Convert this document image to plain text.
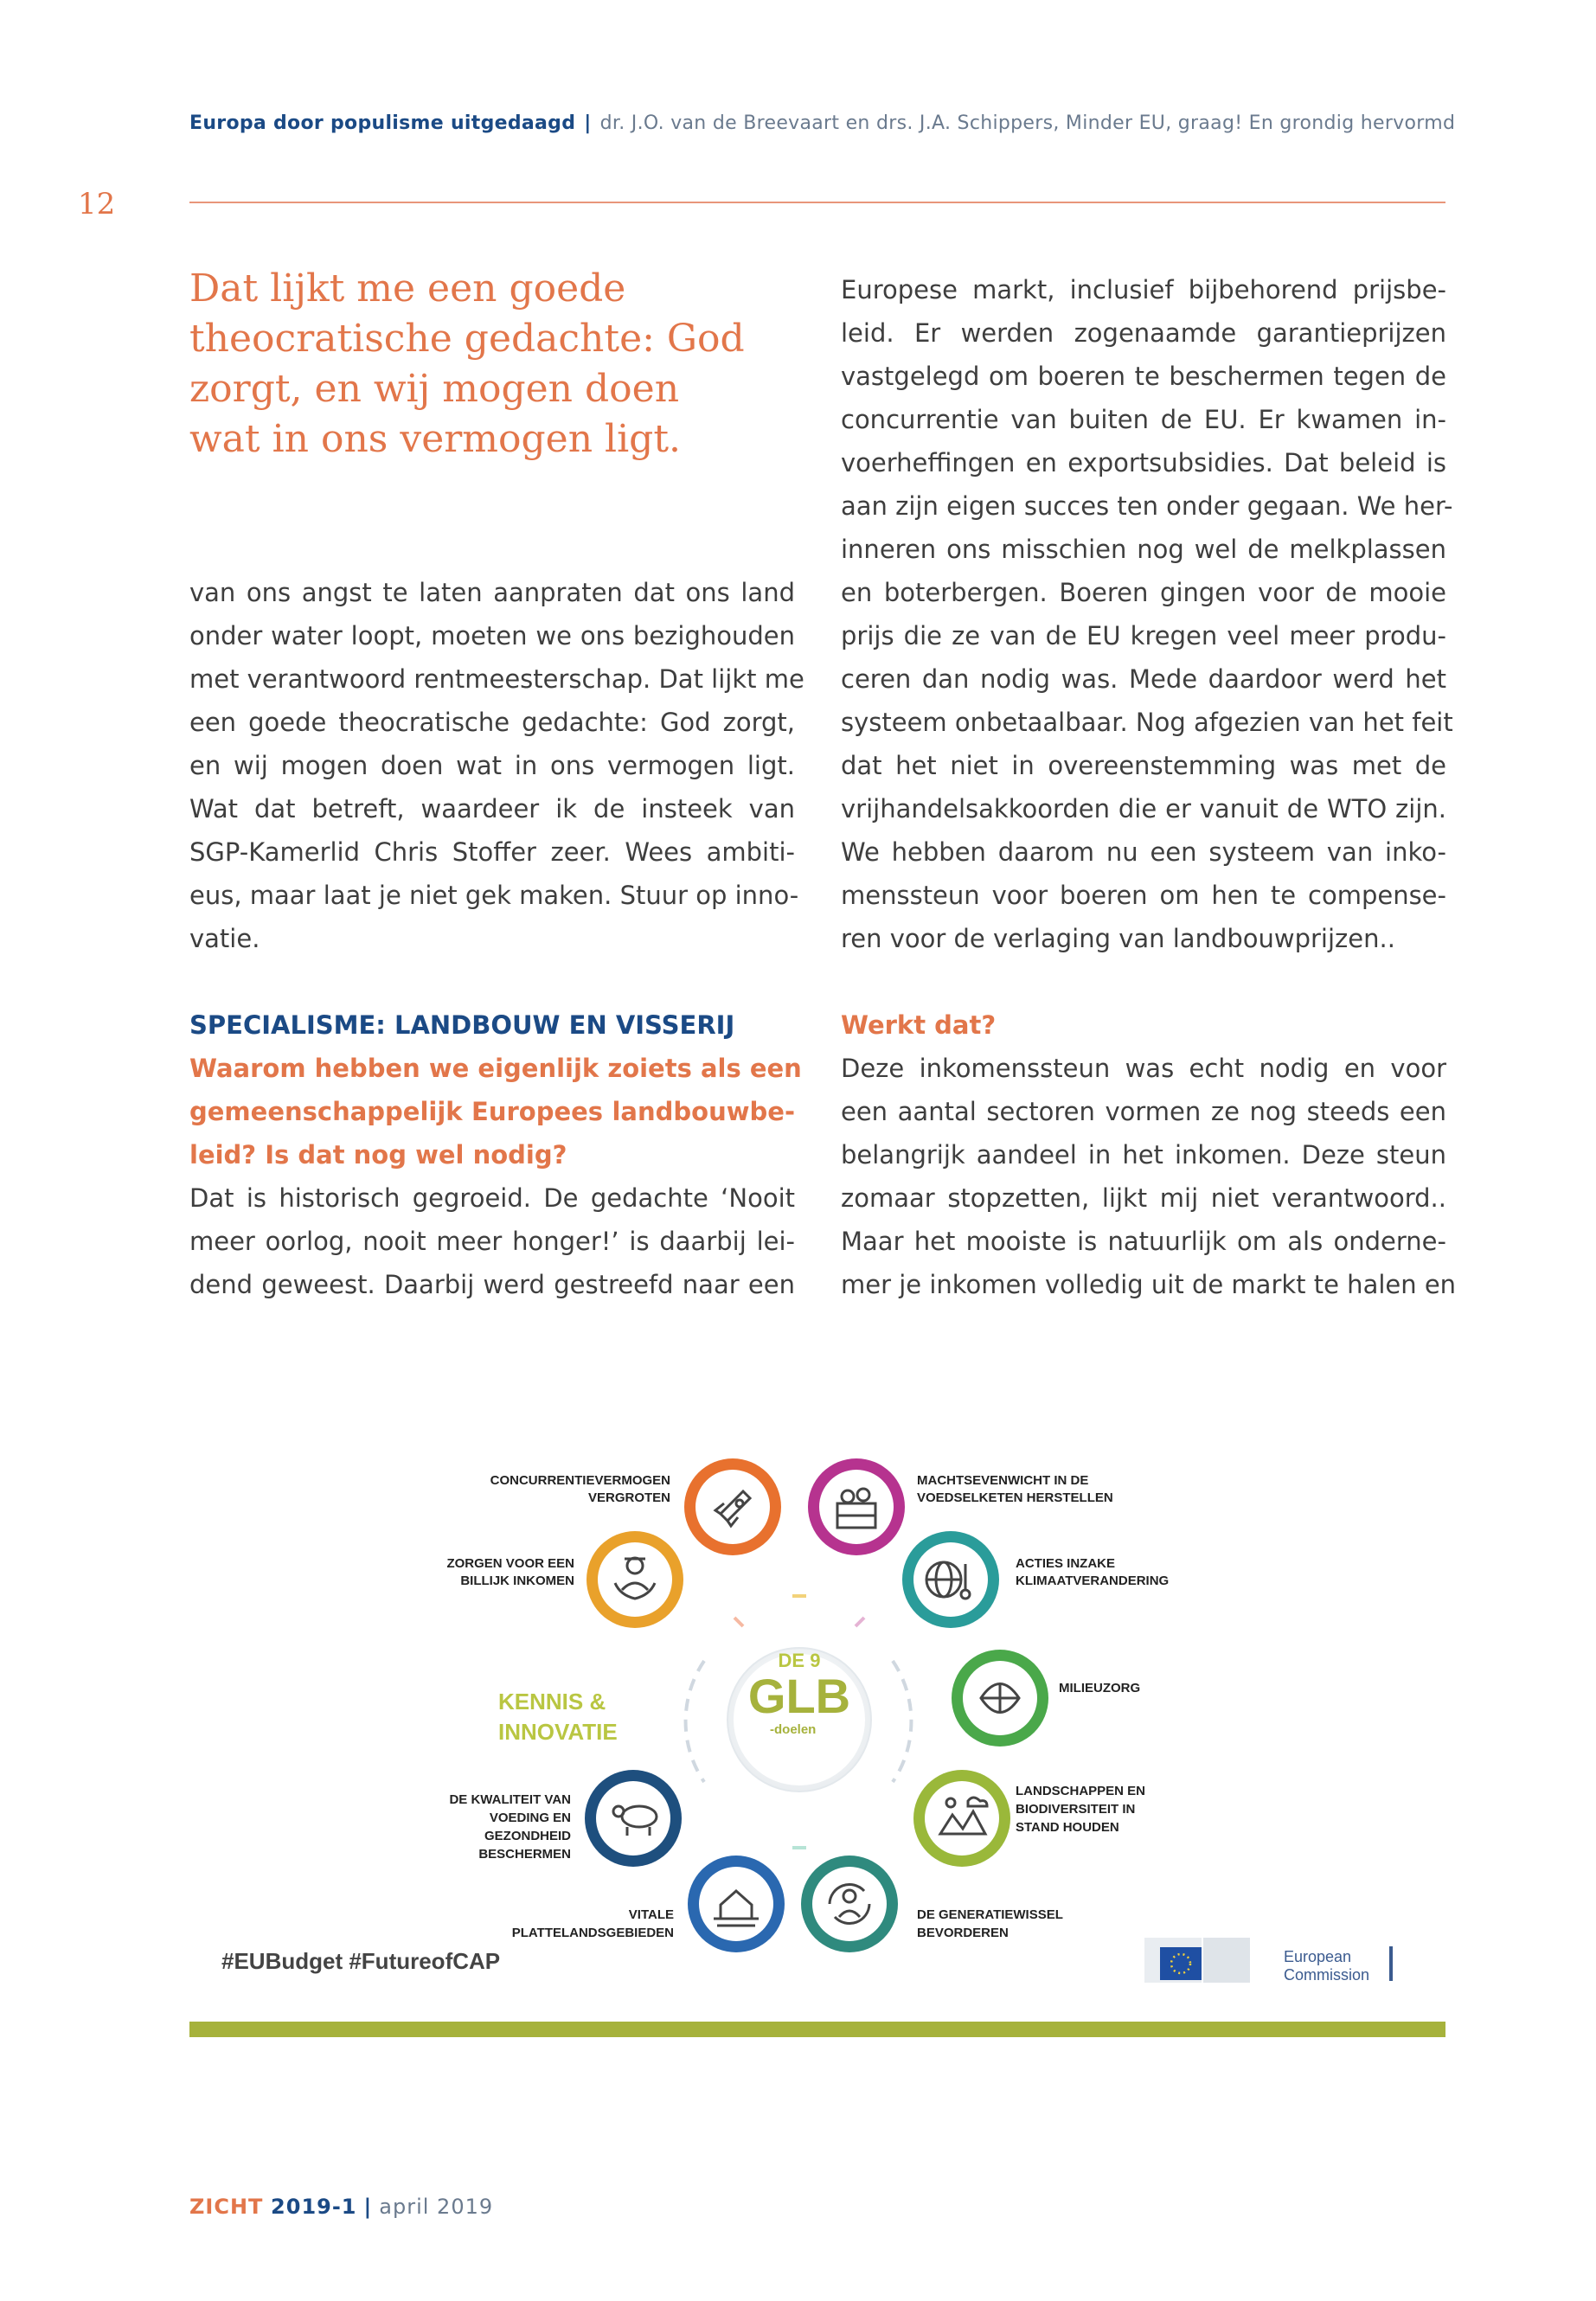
Europa door populisme uitgedaagd | dr. J.O. van de Breevaart en drs. J.A. Schippers, Minder EU, graag! En grondig hervormd
12
Dat lijkt me een goede
theocratische gedachte: God
zorgt, en wij mogen doen
wat in ons vermogen ligt.
van ons angst te laten aanpraten dat ons land
onder water loopt, moeten we ons bezighouden
met verantwoord rentmeesterschap. Dat lijkt me
een goede theocratische gedachte: God zorgt,
en wij mogen doen wat in ons vermogen ligt.
Wat dat betreft, waardeer ik de insteek van
SGP-Kamerlid Chris Stoffer zeer. Wees ambiti-
eus, maar laat je niet gek maken. Stuur op inno-
vatie.
SPECIALISME: LANDBOUW EN VISSERIJ
Waarom hebben we eigenlijk zoiets als een
gemeenschappelijk Europees landbouwbe-
leid? Is dat nog wel nodig?
Dat is historisch gegroeid. De gedachte ‘Nooit
meer oorlog, nooit meer honger!’ is daarbij lei-
dend geweest. Daarbij werd gestreefd naar een
Europese markt, inclusief bijbehorend prijsbe-
leid. Er werden zogenaamde garantieprijzen
vastgelegd om boeren te beschermen tegen de
concurrentie van buiten de EU. Er kwamen in-
voerheffingen en exportsubsidies. Dat beleid is
aan zijn eigen succes ten onder gegaan. We her-
inneren ons misschien nog wel de melkplassen
en boterbergen. Boeren gingen voor de mooie
prijs die ze van de EU kregen veel meer produ-
ceren dan nodig was. Mede daardoor werd het
systeem onbetaalbaar. Nog afgezien van het feit
dat het niet in overeenstemming was met de
vrijhandelsakkoorden die er vanuit de WTO zijn.
We hebben daarom nu een systeem van inko-
menssteun voor boeren om hen te compense-
ren voor de verlaging van landbouwprijzen..
Werkt dat?
Deze inkomenssteun was echt nodig en voor
een aantal sectoren vormen ze nog steeds een
belangrijk aandeel in het inkomen. Deze steun
zomaar stopzetten, lijkt mij niet verantwoord..
Maar het mooiste is natuurlijk om als onderne-
mer je inkomen volledig uit de markt te halen en
DE 9
GLB
-doelen
KENNIS &
INNOVATIE
CONCURRENTIEVERMOGEN
VERGROTEN
MACHTSEVENWICHT IN DE
VOEDSELKETEN HERSTELLEN
ACTIES INZAKE
KLIMAATVERANDERING
MILIEUZORG
LANDSCHAPPEN EN
BIODIVERSITEIT IN
STAND HOUDEN
DE GENERATIEWISSEL
BEVORDEREN
VITALE
PLATTELANDSGEBIEDEN
DE KWALITEIT VAN
VOEDING EN
GEZONDHEID
BESCHERMEN
ZORGEN VOOR EEN
BILLIJK INKOMEN
#EUBudget #FutureofCAP	European
Commission
ZICHT 2019-1 | april 2019
